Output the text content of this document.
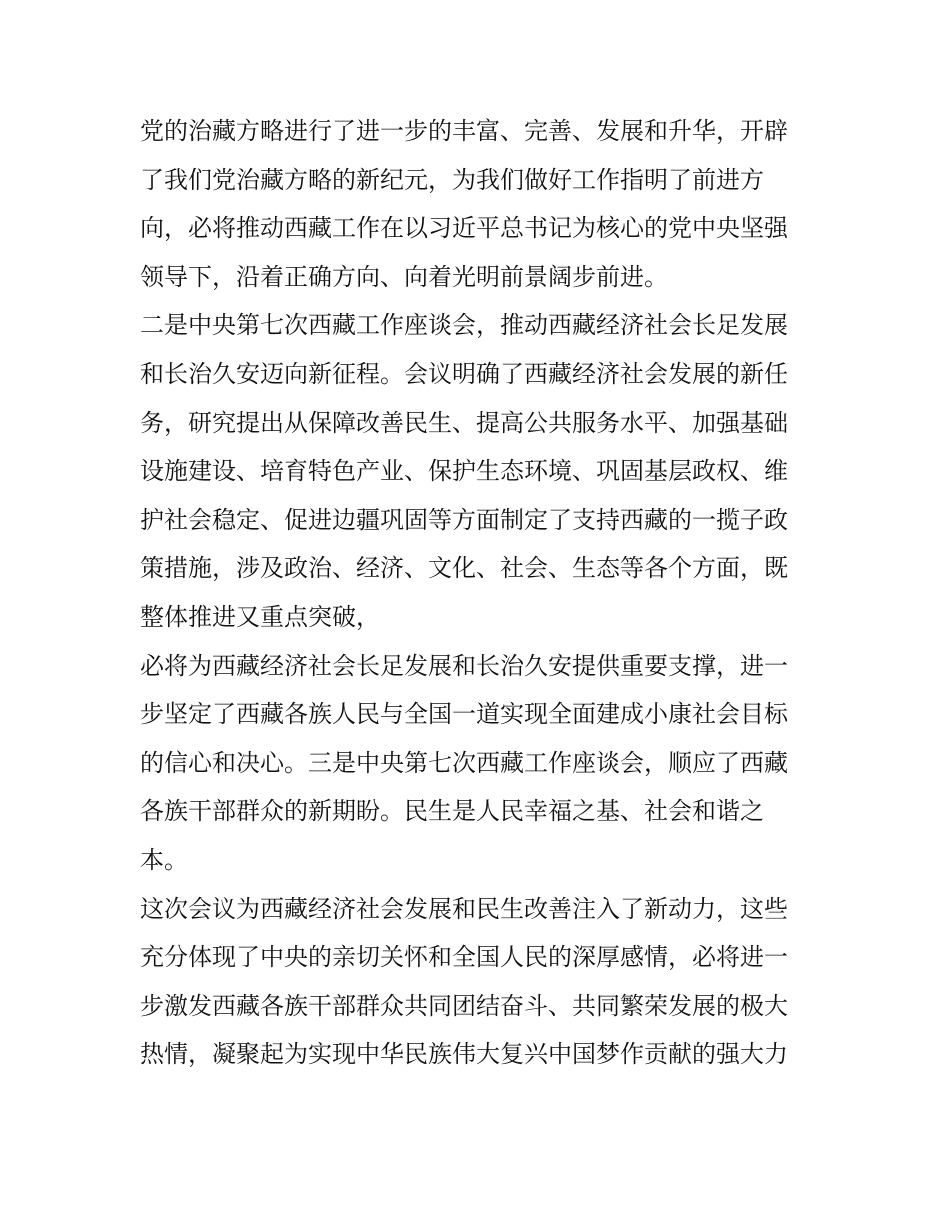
党的治藏方略进行了进一步的丰富、完善、发展和升华，开辟
了我们党治藏方略的新纪元，为我们做好工作指明了前进方
向，必将推动西藏工作在以习近平总书记为核心的党中央坚强
领导下，沿着正确方向、向着光明前景阔步前进。
二是中央第七次西藏工作座谈会，推动西藏经济社会长足发展
和长治久安迈向新征程。会议明确了西藏经济社会发展的新任
务，研究提出从保障改善民生、提高公共服务水平、加强基础
设施建设、培育特色产业、保护生态环境、巩固基层政权、维
护社会稳定、促进边疆巩固等方面制定了支持西藏的一揽子政
策措施，涉及政治、经济、文化、社会、生态等各个方面，既
整体推进又重点突破，
必将为西藏经济社会长足发展和长治久安提供重要支撑，进一
步坚定了西藏各族人民与全国一道实现全面建成小康社会目标
的信心和决心。三是中央第七次西藏工作座谈会，顺应了西藏
各族干部群众的新期盼。民生是人民幸福之基、社会和谐之
本。
这次会议为西藏经济社会发展和民生改善注入了新动力，这些
充分体现了中央的亲切关怀和全国人民的深厚感情，必将进一
步激发西藏各族干部群众共同团结奋斗、共同繁荣发展的极大
热情，凝聚起为实现中华民族伟大复兴中国梦作贡献的强大力
